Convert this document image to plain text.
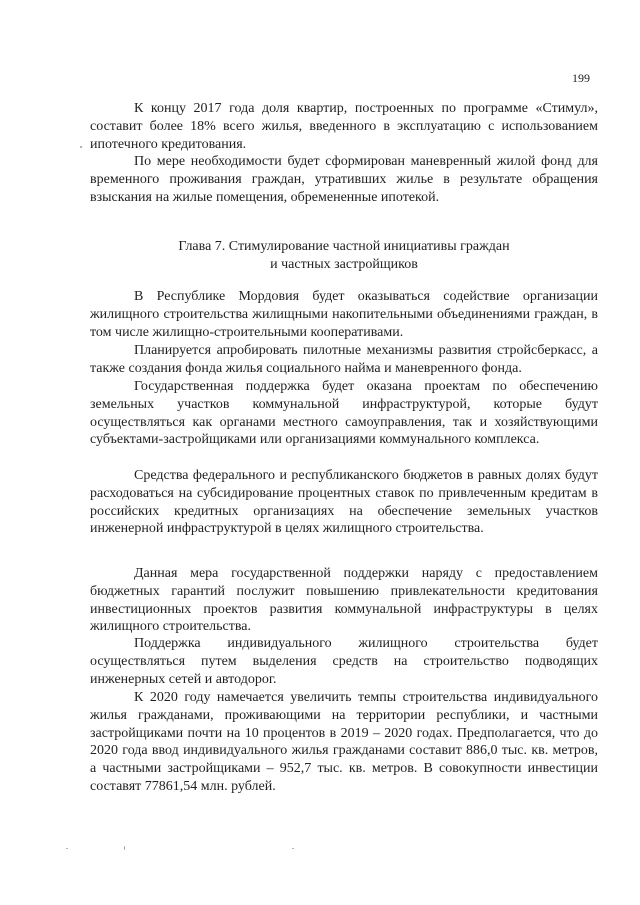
199

К концу 2017 года доля квартир, построенных по программе «Стимул», составит более 18% всего жилья, введенного в эксплуатацию с использованием ипотечного кредитования.

По мере необходимости будет сформирован маневренный жилой фонд для временного проживания граждан, утративших жилье в результате обращения взыскания на жилые помещения, обремененные ипотекой.

Глава 7. Стимулирование частной инициативы граждан
и частных застройщиков

В Республике Мордовия будет оказываться содействие организации жилищного строительства жилищными накопительными объединениями граждан, в том числе жилищно-строительными кооперативами.

Планируется апробировать пилотные механизмы развития стройсберкасс, а также создания фонда жилья социального найма и маневренного фонда.

Государственная поддержка будет оказана проектам по обеспечению земельных участков коммунальной инфраструктурой, которые будут осуществляться как органами местного самоуправления, так и хозяйствующими субъектами-застройщиками или организациями коммунального комплекса.

Средства федерального и республиканского бюджетов в равных долях будут расходоваться на субсидирование процентных ставок по привлеченным кредитам в российских кредитных организациях на обеспечение земельных участков инженерной инфраструктурой в целях жилищного строительства.

Данная мера государственной поддержки наряду с предоставлением бюджетных гарантий послужит повышению привлекательности кредитования инвестиционных проектов развития коммунальной инфраструктуры в целях жилищного строительства.

Поддержка индивидуального жилищного строительства будет осуществляться путем выделения средств на строительство подводящих инженерных сетей и автодорог.

К 2020 году намечается увеличить темпы строительства индивидуального жилья гражданами, проживающими на территории республики, и частными застройщиками почти на 10 процентов в 2019 – 2020 годах. Предполагается, что до 2020 года ввод индивидуального жилья гражданами составит 886,0 тыс. кв. метров, а частными застройщиками – 952,7 тыс. кв. метров. В совокупности инвестиции составят 77861,54 млн. рублей.
